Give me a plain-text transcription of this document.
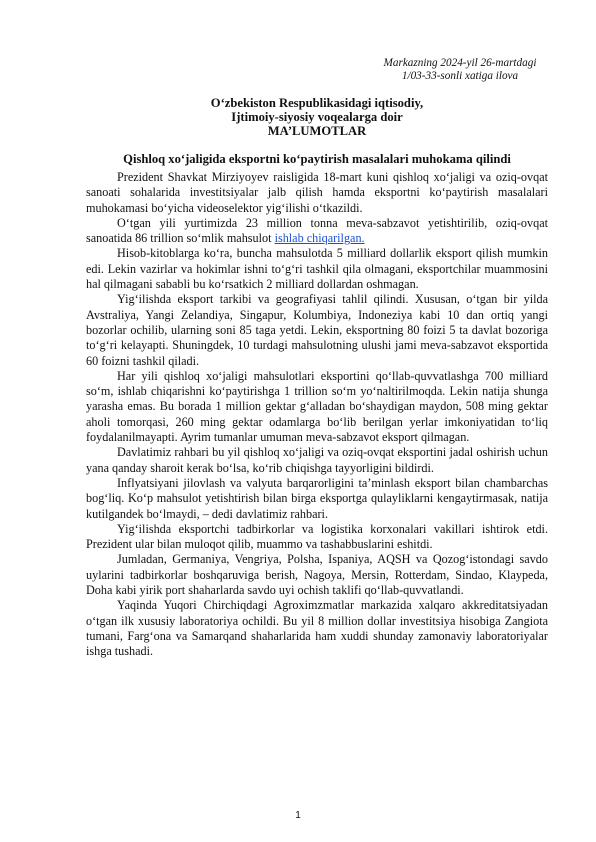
Markazning 2024-yil 26-martdagi
1/03-33-sonli xatiga ilova
O‘zbekiston Respublikasidagi iqtisodiy,
Ijtimoiy-siyosiy voqealarga doir
MA’LUMOTLAR
Qishloq xo‘jaligida eksportni ko‘paytirish masalalari muhokama qilindi

Prezident Shavkat Mirziyoyev raisligida 18-mart kuni qishloq xo‘jaligi va oziq-ovqat sanoati sohalarida investitsiyalar jalb qilish hamda eksportni ko‘paytirish masalalari muhokamasi bo‘yicha videoselektor yig‘ilishi o‘tkazildi.

O‘tgan yili yurtimizda 23 million tonna meva-sabzavot yetishtirilib, oziq-ovqat sanoatida 86 trillion so‘mlik mahsulot ishlab chiqarilgan.

Hisob-kitoblarga ko‘ra, buncha mahsulotda 5 milliard dollarlik eksport qilish mumkin edi. Lekin vazirlar va hokimlar ishni to‘g‘ri tashkil qila olmagani, eksportchilar muammosini hal qilmagani sababli bu ko‘rsatkich 2 milliard dollardan oshmagan.

Yig‘ilishda eksport tarkibi va geografiyasi tahlil qilindi. Xususan, o‘tgan bir yilda Avstraliya, Yangi Zelandiya, Singapur, Kolumbiya, Indoneziya kabi 10 dan ortiq yangi bozorlar ochilib, ularning soni 85 taga yetdi. Lekin, eksportning 80 foizi 5 ta davlat bozoriga to‘g‘ri kelayapti. Shuningdek, 10 turdagi mahsulotning ulushi jami meva-sabzavot eksportida 60 foizni tashkil qiladi.

Har yili qishloq xo‘jaligi mahsulotlari eksportini qo‘llab-quvvatlashga 700 milliard so‘m, ishlab chiqarishni ko‘paytirishga 1 trillion so‘m yo‘naltirilmoqda. Lekin natija shunga yarasha emas. Bu borada 1 million gektar g‘alladan bo‘shaydigan maydon, 508 ming gektar aholi tomorqasi, 260 ming gektar odamlarga bo‘lib berilgan yerlar imkoniyatidan to‘liq foydalanilmayapti. Ayrim tumanlar umuman meva-sabzavot eksport qilmagan.

Davlatimiz rahbari bu yil qishloq xo‘jaligi va oziq-ovqat eksportini jadal oshirish uchun yana qanday sharoit kerak bo‘lsa, ko‘rib chiqishga tayyorligini bildirdi.

Inflyatsiyani jilovlash va valyuta barqarorligini ta’minlash eksport bilan chambarchas bog‘liq. Ko‘p mahsulot yetishtirish bilan birga eksportga qulayliklarni kengaytirmasak, natija kutilgandek bo‘lmaydi, – dedi davlatimiz rahbari.

Yig‘ilishda eksportchi tadbirkorlar va logistika korxonalari vakillari ishtirok etdi. Prezident ular bilan muloqot qilib, muammo va tashabbuslarini eshitdi.

Jumladan, Germaniya, Vengriya, Polsha, Ispaniya, AQSH va Qozog‘istondagi savdo uylarini tadbirkorlar boshqaruviga berish, Nagoya, Mersin, Rotterdam, Sindao, Klaypeda, Doha kabi yirik port shaharlarda savdo uyi ochish taklifi qo‘llab-quvvatlandi.

Yaqinda Yuqori Chirchiqdagi Agroximzmatlar markazida xalqaro akkreditatsiyadan o‘tgan ilk xususiy laboratoriya ochildi. Bu yil 8 million dollar investitsiya hisobiga Zangiota tumani, Farg‘ona va Samarqand shaharlarida ham xuddi shunday zamonaviy laboratoriyalar ishga tushadi.

1
